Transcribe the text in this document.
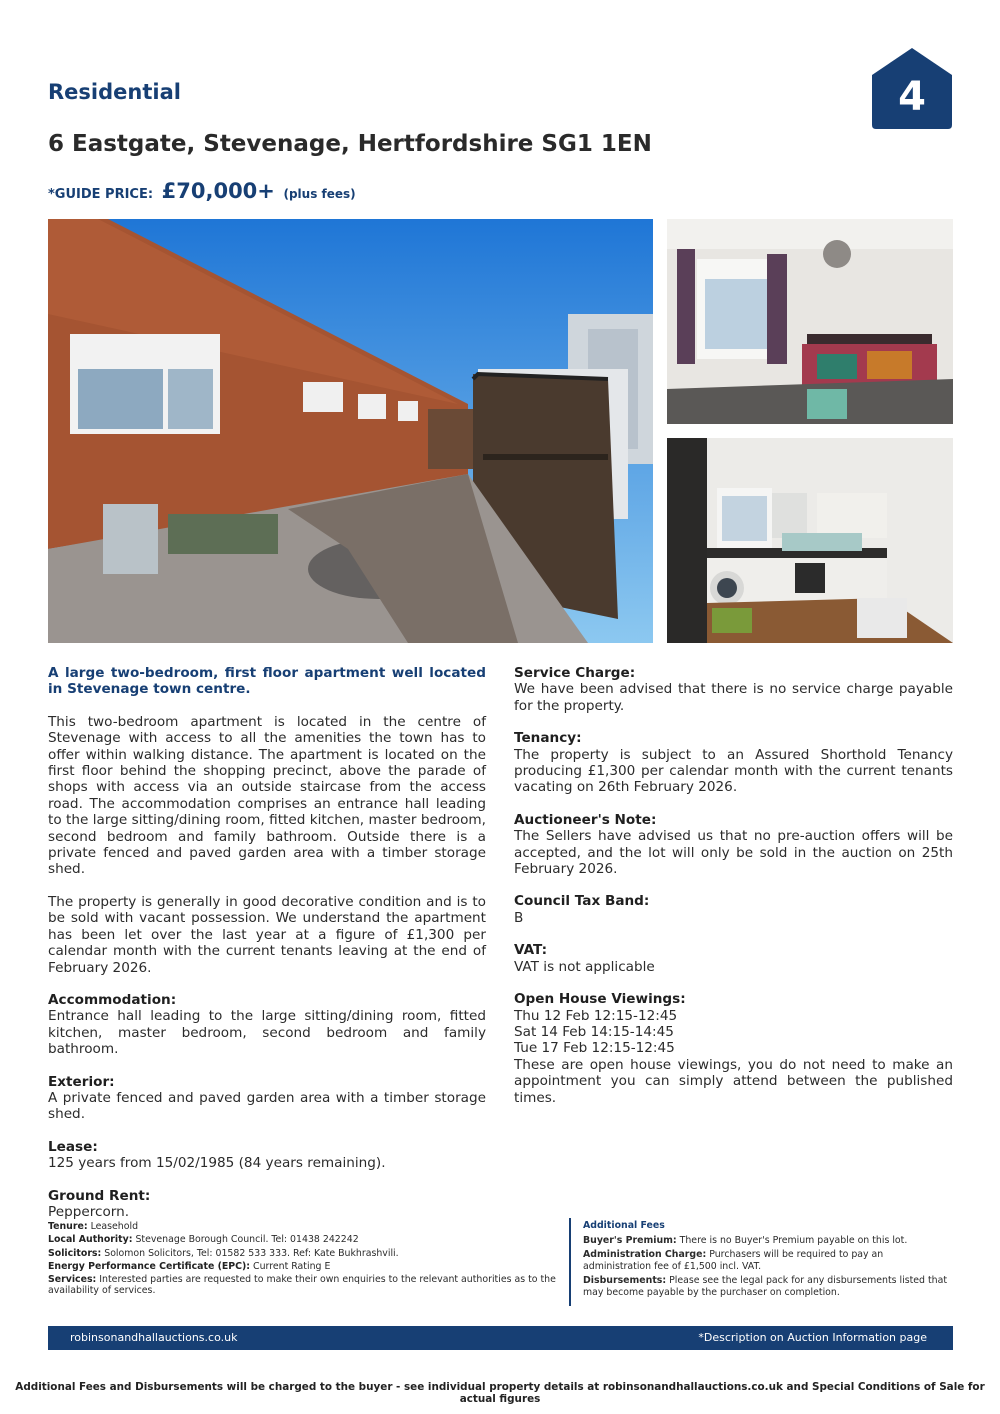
Residential	4
6 Eastgate, Stevenage, Hertfordshire SG1 1EN
*GUIDE PRICE: £70,000+ (plus fees)

A large two-bedroom, first floor apartment well located in Stevenage town centre.

This two-bedroom apartment is located in the centre of Stevenage with access to all the amenities the town has to offer within walking distance. The apartment is located on the first floor behind the shopping precinct, above the parade of shops with access via an outside staircase from the access road. The accommodation comprises an entrance hall leading to the large sitting/dining room, fitted kitchen, master bedroom, second bedroom and family bathroom. Outside there is a private fenced and paved garden area with a timber storage shed.

The property is generally in good decorative condition and is to be sold with vacant possession. We understand the apartment has been let over the last year at a figure of £1,300 per calendar month with the current tenants leaving at the end of February 2026.

Accommodation:

Entrance hall leading to the large sitting/dining room, fitted kitchen, master bedroom, second bedroom and family bathroom.

Exterior:

A private fenced and paved garden area with a timber storage shed.

Lease:

125 years from 15/02/1985 (84 years remaining).

Ground Rent:

Peppercorn.

Service Charge:

We have been advised that there is no service charge payable for the property.

Tenancy:

The property is subject to an Assured Shorthold Tenancy producing £1,300 per calendar month with the current tenants vacating on 26th February 2026.

Auctioneer's Note:

The Sellers have advised us that no pre-auction offers will be accepted, and the lot will only be sold in the auction on 25th February 2026.

Council Tax Band:

B

VAT:

VAT is not applicable

Open House Viewings:

Thu 12 Feb 12:15-12:45

Sat 14 Feb 14:15-14:45

Tue 17 Feb 12:15-12:45

These are open house viewings, you do not need to make an appointment you can simply attend between the published times.

Tenure: Leasehold
Local Authority: Stevenage Borough Council. Tel: 01438 242242
Solicitors: Solomon Solicitors, Tel: 01582 533 333. Ref: Kate Bukhrashvili.
Energy Performance Certificate (EPC): Current Rating E
Services: Interested parties are requested to make their own enquiries to the relevant authorities as to the availability of services.
Additional Fees

Buyer's Premium: There is no Buyer's Premium payable on this lot.

Administration Charge: Purchasers will be required to pay an administration fee of £1,500 incl. VAT.

Disbursements: Please see the legal pack for any disbursements listed that may become payable by the purchaser on completion.

robinsonandhallauctions.co.uk	*Description on Auction Information page
Additional Fees and Disbursements will be charged to the buyer - see individual property details at robinsonandhallauctions.co.uk and Special Conditions of Sale for actual figures
